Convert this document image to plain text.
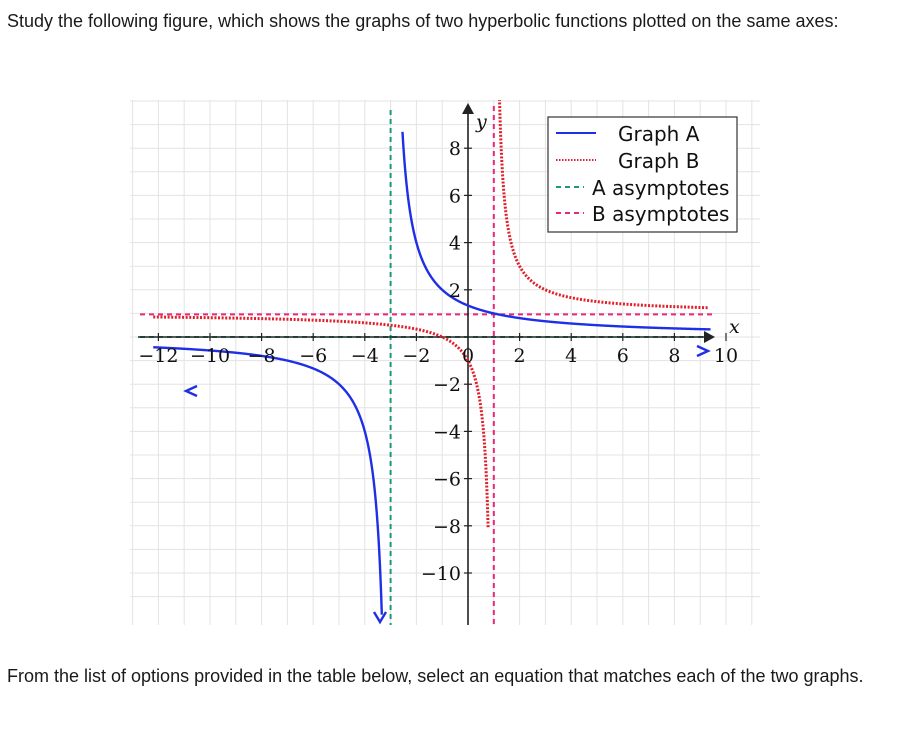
Study the following figure, which shows the graphs of two hyperbolic functions plotted on the same axes:

−12 −10 −8 −6 −4 −2 0 2 4 6 8 10
8
6
4
2
−2
−4
−6
−8
−10
Graph A
Graph B
A asymptotes
B asymptotes
x
y

From the list of options provided in the table below, select an equation that matches each of the two graphs.
